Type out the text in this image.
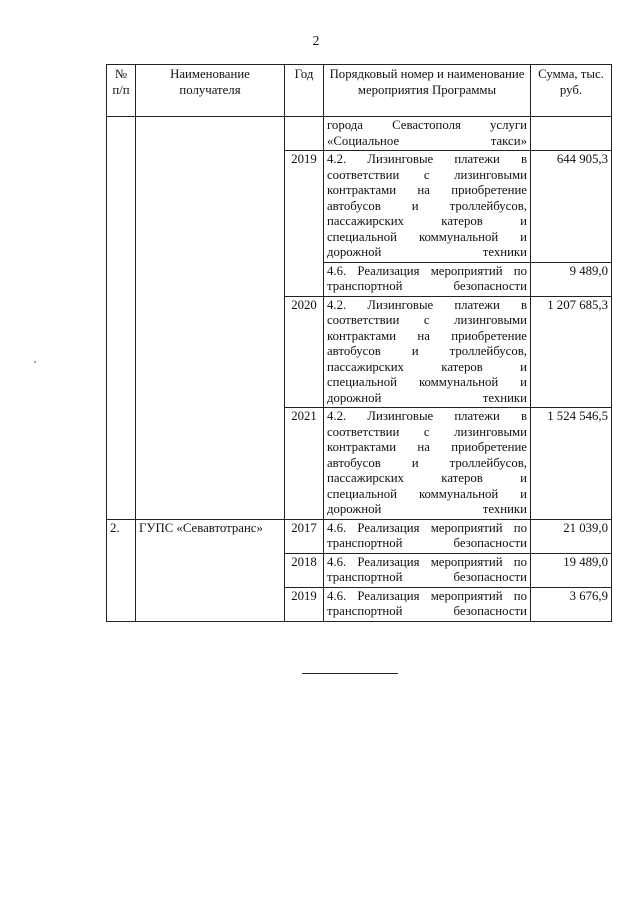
2
№ п/п	Наименование получателя	Год	Порядковый номер и наименование мероприятия Программы	Сумма, тыс. руб.
			города Севастополя услуги «Социальное такси»	
		2019	4.2. Лизинговые платежи в соответствии с лизинговыми контрактами на приобретение автобусов и троллейбусов, пассажирских катеров и специальной коммунальной и дорожной техники	644 905,3
			4.6. Реализация мероприятий по транспортной безопасности	9 489,0
		2020	4.2. Лизинговые платежи в соответствии с лизинговыми контрактами на приобретение автобусов и троллейбусов, пассажирских катеров и специальной коммунальной и дорожной техники	1 207 685,3
		2021	4.2. Лизинговые платежи в соответствии с лизинговыми контрактами на приобретение автобусов и троллейбусов, пассажирских катеров и специальной коммунальной и дорожной техники	1 524 546,5
2.	ГУПС «Севавтотранс»	2017	4.6. Реализация мероприятий по транспортной безопасности	21 039,0
		2018	4.6. Реализация мероприятий по транспортной безопасности	19 489,0
		2019	4.6. Реализация мероприятий по транспортной безопасности	3 676,9
